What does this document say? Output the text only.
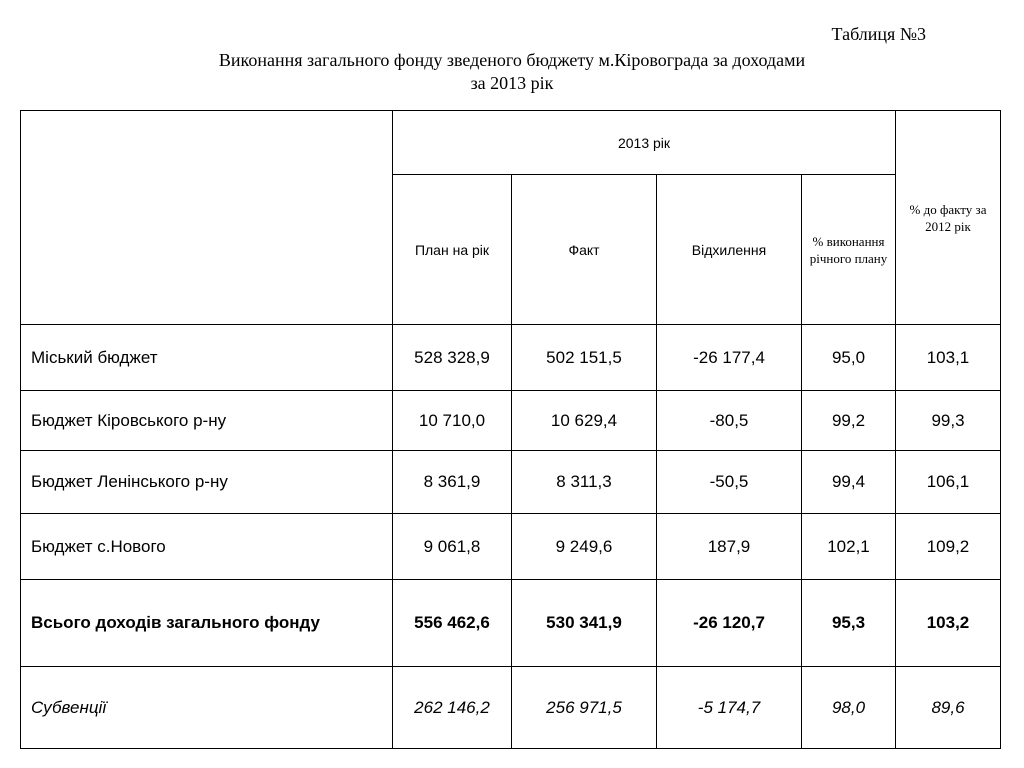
Таблиця №3
Виконання загального фонду зведеного бюджету м.Кіровограда за доходами
за 2013 рік
	2013 рік				% до факту за 2012 рік
	План на рік	Факт	Відхилення	% виконання річного плану	
Міський бюджет	528 328,9	502 151,5	-26 177,4	95,0	103,1
Бюджет Кіровського р-ну	10 710,0	10 629,4	-80,5	99,2	99,3
Бюджет Ленінського р-ну	8 361,9	8 311,3	-50,5	99,4	106,1
Бюджет с.Нового	9 061,8	9 249,6	187,9	102,1	109,2
Всього доходів загального фонду	556 462,6	530 341,9	-26 120,7	95,3	103,2
Субвенції	262 146,2	256 971,5	-5 174,7	98,0	89,6
